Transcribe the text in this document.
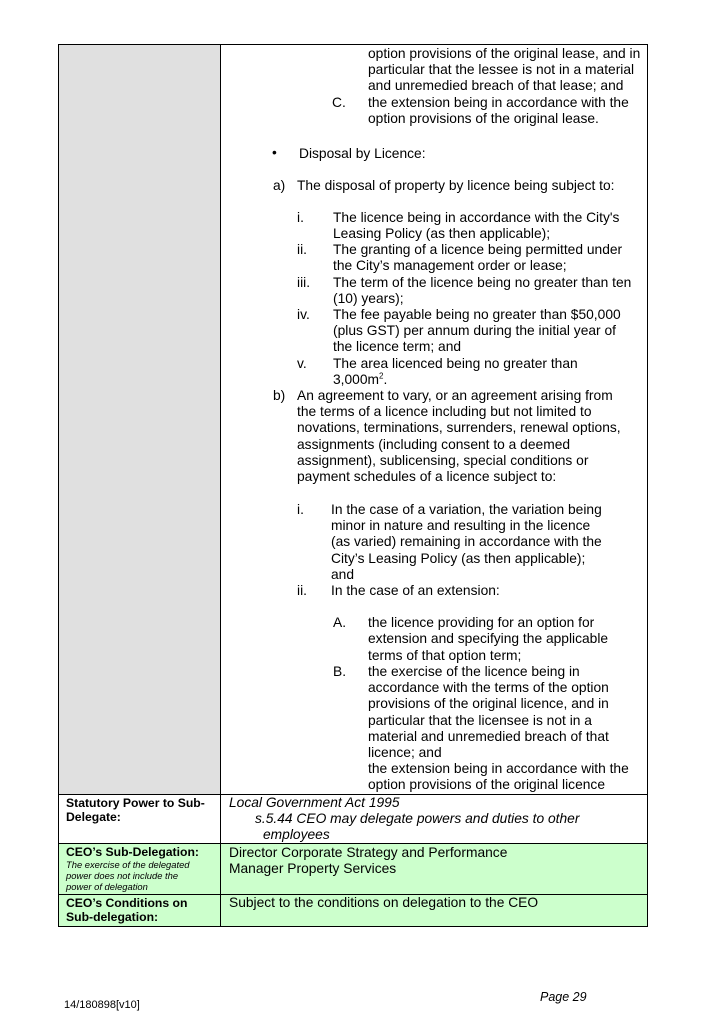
option provisions of the original lease, and in
particular that the lessee is not in a material
and unremedied breach of that lease; and
C. the extension being in accordance with the
option provisions of the original lease.
• Disposal by Licence:
a) The disposal of property by licence being subject to:
i. The licence being in accordance with the City's
Leasing Policy (as then applicable);
ii. The granting of a licence being permitted under
the City’s management order or lease;
iii. The term of the licence being no greater than ten
(10) years);
iv. The fee payable being no greater than $50,000
(plus GST) per annum during the initial year of
the licence term; and
v. The area licenced being no greater than
$3,000m^2$.
b) An agreement to vary, or an agreement arising from
the terms of a licence including but not limited to
novations, terminations, surrenders, renewal options,
assignments (including consent to a deemed
assignment), sublicensing, special conditions or
payment schedules of a licence subject to:
i. In the case of a variation, the variation being
minor in nature and resulting in the licence
(as varied) remaining in accordance with the
City’s Leasing Policy (as then applicable);
and
ii. In the case of an extension:
A. the licence providing for an option for
extension and specifying the applicable
terms of that option term;
B. the exercise of the licence being in
accordance with the terms of the option
provisions of the original licence, and in
particular that the licensee is not in a
material and unremedied breach of that
licence; and
the extension being in accordance with the
option provisions of the original licence
Statutory Power to Sub-
Delegate:
Local Government Act 1995
s.5.44 CEO may delegate powers and duties to other
employees
CEO’s Sub-Delegation:
The exercise of the delegated
power does not include the
power of delegation
Director Corporate Strategy and Performance
Manager Property Services
CEO’s Conditions on
Sub-delegation:
Subject to the conditions on delegation to the CEO
Page 29
14/180898[v10]
